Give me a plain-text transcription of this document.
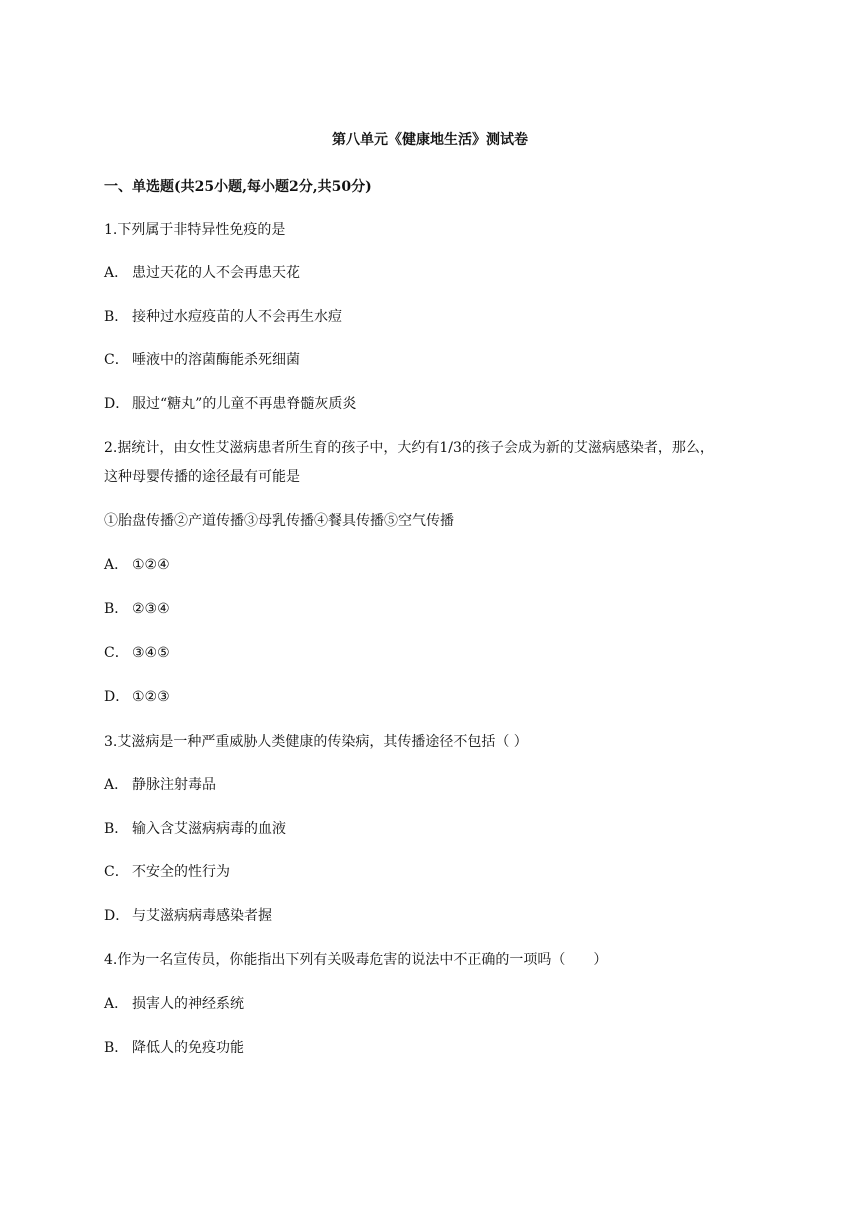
第八单元《健康地生活》测试卷
一、单选题(共25小题,每小题2分,共50分)
1.下列属于非特异性免疫的是
A． 患过天花的人不会再患天花
B． 接种过水痘疫苗的人不会再生水痘
C． 唾液中的溶菌酶能杀死细菌
D． 服过“糖丸”的儿童不再患脊髓灰质炎
2.据统计，由女性艾滋病患者所生育的孩子中，大约有1/3的孩子会成为新的艾滋病感染者，那么，
这种母婴传播的途径最有可能是
①胎盘传播②产道传播③母乳传播④餐具传播⑤空气传播
A． ①②④
B． ②③④
C． ③④⑤
D． ①②③
3.艾滋病是一种严重威胁人类健康的传染病，其传播途径不包括（ ）
A． 静脉注射毒品
B． 输入含艾滋病病毒的血液
C． 不安全的性行为
D． 与艾滋病病毒感染者握
4.作为一名宣传员，你能指出下列有关吸毒危害的说法中不正确的一项吗（　　）
A． 损害人的神经系统
B． 降低人的免疫功能
